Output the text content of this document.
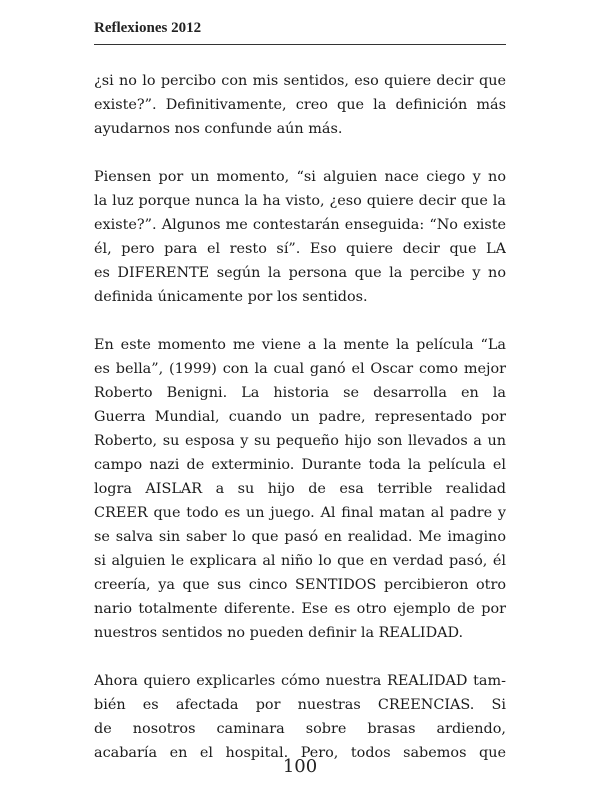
Reflexiones 2012
¿si no lo percibo con mis sentidos, eso quiere decir que
existe?”. Definitivamente, creo que la definición más
ayudarnos nos confunde aún más.
Piensen por un momento, “si alguien nace ciego y no
la luz porque nunca la ha visto, ¿eso quiere decir que la
existe?”. Algunos me contestarán enseguida: “No existe
él, pero para el resto sí”. Eso quiere decir que LA
es DIFERENTE según la persona que la percibe y no
definida únicamente por los sentidos.
En este momento me viene a la mente la película “La
es bella”, (1999) con la cual ganó el Oscar como mejor
Roberto Benigni. La historia se desarrolla en la
Guerra Mundial, cuando un padre, representado por
Roberto, su esposa y su pequeño hijo son llevados a un
campo nazi de exterminio. Durante toda la película el
logra AISLAR a su hijo de esa terrible realidad
CREER que todo es un juego. Al final matan al padre y
se salva sin saber lo que pasó en realidad. Me imagino
si alguien le explicara al niño lo que en verdad pasó, él
creería, ya que sus cinco SENTIDOS percibieron otro
nario totalmente diferente. Ese es otro ejemplo de por
nuestros sentidos no pueden definir la REALIDAD.
Ahora quiero explicarles cómo nuestra REALIDAD tam-
bién es afectada por nuestras CREENCIAS. Si
de nosotros caminara sobre brasas ardiendo,
acabaría en el hospital. Pero, todos sabemos que
100
